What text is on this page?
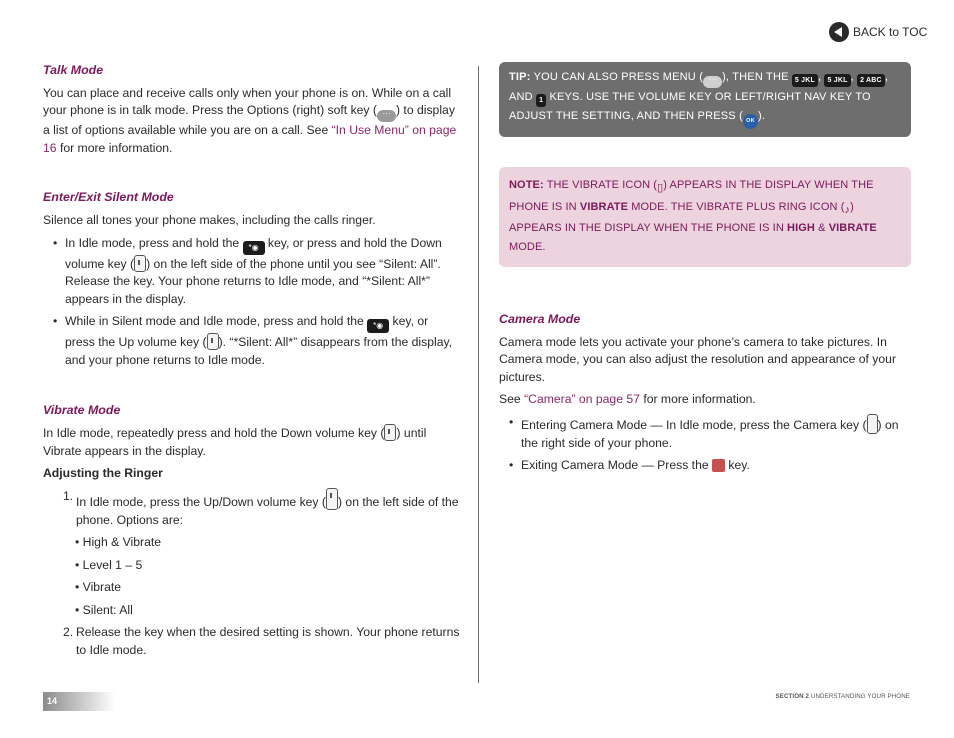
BACK to TOC

Talk Mode

You can place and receive calls only when your phone is on. While on a call your phone is in talk mode. Press the Options (right) soft key ( ··· ) to display a list of options available while you are on a call. See “In Use Menu” on page 16 for more information.

Enter/Exit Silent Mode

Silence all tones your phone makes, including the calls ringer.

• In Idle mode, press and hold the *◉ key, or press and hold the Down volume key ( ) on the left side of the phone until you see “Silent: All”. Release the key. Your phone returns to Idle mode, and “*Silent: All*” appears in the display.
• While in Silent mode and Idle mode, press and hold the *◉ key, or press the Up volume key ( ). “*Silent: All*” disappears from the display, and your phone returns to Idle mode.

Vibrate Mode

In Idle mode, repeatedly press and hold the Down volume key ( ) until Vibrate appears in the display.

Adjusting the Ringer

1. In Idle mode, press the Up/Down volume key ( ) on the left side of the phone. Options are:
• High & Vibrate
• Level 1 – 5
• Vibrate
• Silent: All
2. Release the key when the desired setting is shown. Your phone returns to Idle mode.
TIP: YOU CAN ALSO PRESS MENU ( ··· ), THEN THE 5 JKL , 5 JKL , 2 ABC , AND 1 KEYS. USE THE VOLUME KEY OR LEFT/RIGHT NAV KEY TO ADJUST THE SETTING, AND THEN PRESS ( OK ).
NOTE: THE VIBRATE ICON (▯) APPEARS IN THE DISPLAY WHEN THE PHONE IS IN VIBRATE MODE. THE VIBRATE PLUS RING ICON (♪) APPEARS IN THE DISPLAY WHEN THE PHONE IS IN HIGH & VIBRATE MODE.

Camera Mode

Camera mode lets you activate your phone’s camera to take pictures. In Camera mode, you can also adjust the resolution and appearance of your pictures.

See “Camera” on page 57 for more information.

• Entering Camera Mode — In Idle mode, press the Camera key ( ) on the right side of your phone.
• Exiting Camera Mode — Press the  key.
14	SECTION 2 UNDERSTANDING YOUR PHONE
